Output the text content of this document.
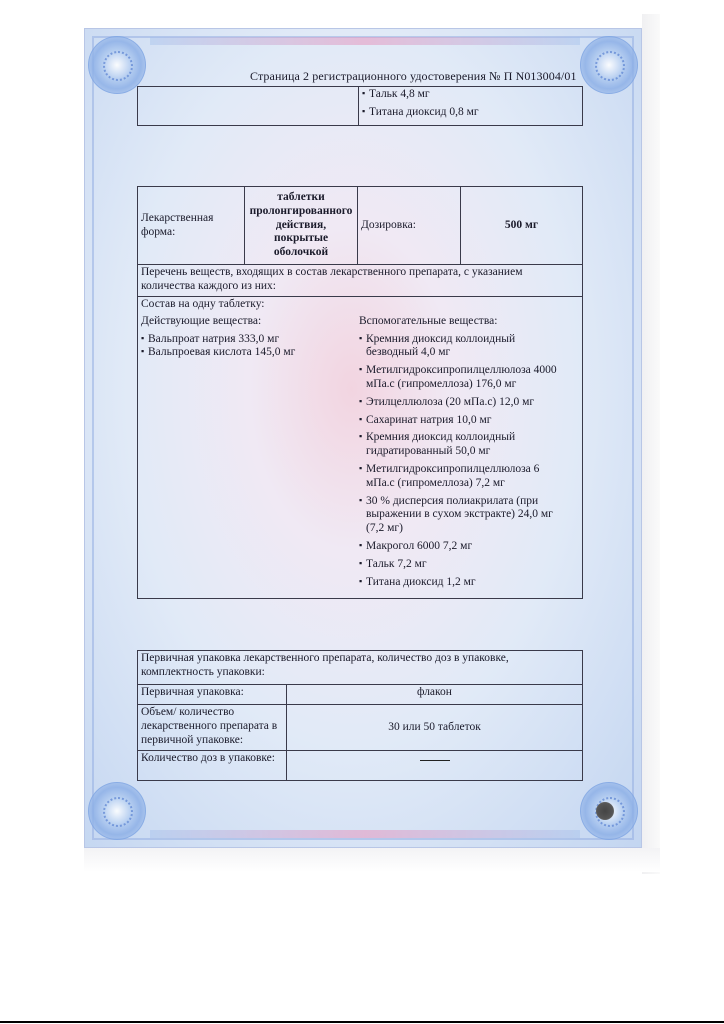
Страница 2 регистрационного удостоверения № П N013004/01

▪ Тальк 4,8 мг
▪ Титана диоксид 0,8 мг
Лекарственная форма:	таблетки пролонгированного действия, покрытые оболочкой	Дозировка:	500 мг
Перечень веществ, входящих в состав лекарственного препарата, с указанием количества каждого из них:

Состав на одну таблетку:
Действующие вещества:
▪ Вальпроат натрия 333,0 мг
▪ Вальпроевая кислота 145,0 мг
Вспомогательные вещества:
▪ Кремния диоксид коллоидный безводный 4,0 мг
▪ Метилгидроксипропилцеллюлоза 4000 мПа.с (гипромеллоза) 176,0 мг
▪ Этилцеллюлоза (20 мПа.с) 12,0 мг
▪ Сахаринат натрия 10,0 мг
▪ Кремния диоксид коллоидный гидратированный 50,0 мг
▪ Метилгидроксипропилцеллюлоза 6 мПа.с (гипромеллоза) 7,2 мг
▪ 30 % дисперсия полиакрилата (при выражении в сухом экстракте) 24,0 мг (7,2 мг)
▪ Макрогол 6000 7,2 мг
▪ Тальк 7,2 мг
▪ Титана диоксид 1,2 мг
Первичная упаковка лекарственного препарата, количество доз в упаковке, комплектность упаковки:	
Первичная упаковка:	флакон
Объем/ количество лекарственного препарата в первичной упаковке:	30 или 50 таблеток
Количество доз в упаковке:	
